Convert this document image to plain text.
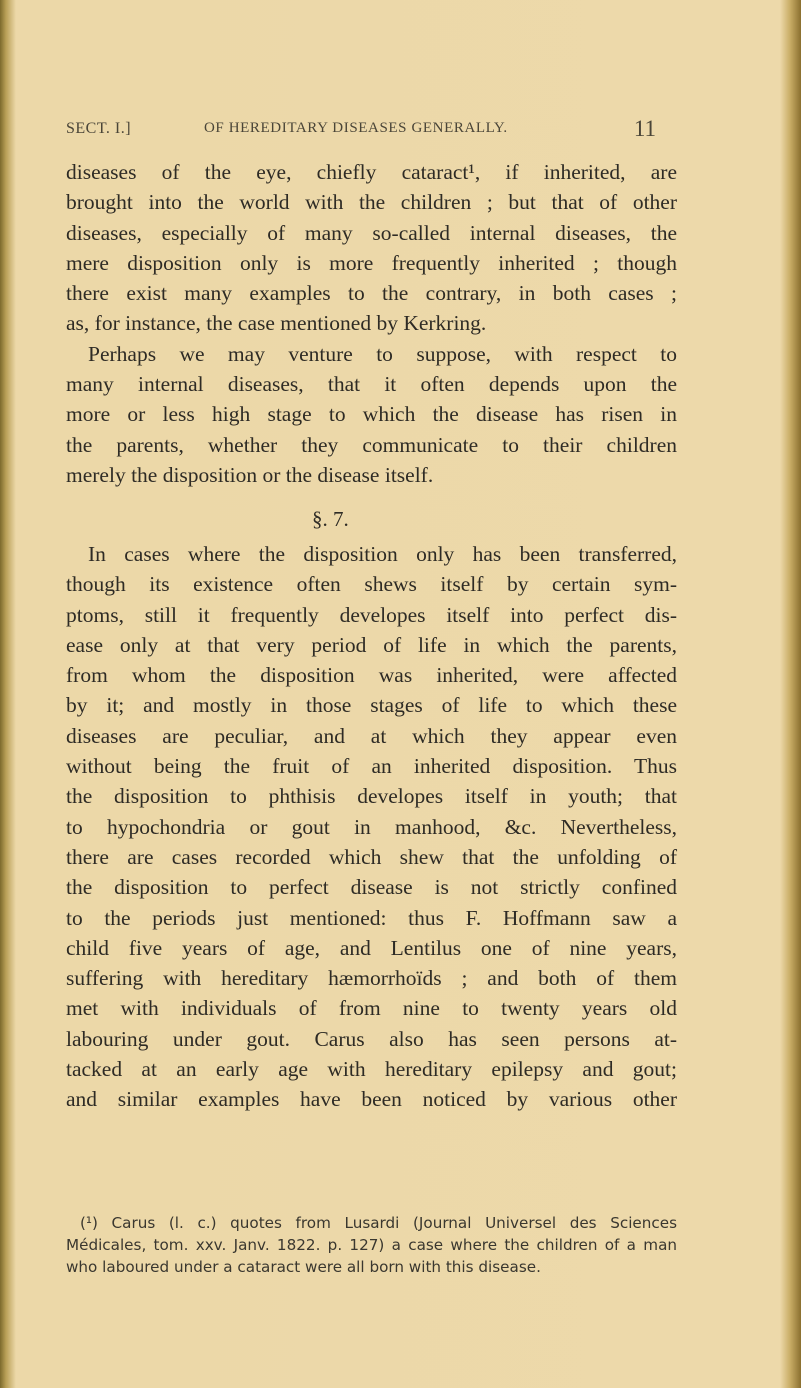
SECT. I.]	OF HEREDITARY DISEASES GENERALLY.	11
diseases of the eye, chiefly cataract¹, if inherited, are
brought into the world with the children ; but that of other
diseases, especially of many so-called internal diseases, the
mere disposition only is more frequently inherited ; though
there exist many examples to the contrary, in both cases ;
as, for instance, the case mentioned by Kerkring.
Perhaps we may venture to suppose, with respect to
many internal diseases, that it often depends upon the
more or less high stage to which the disease has risen in
the parents, whether they communicate to their children
merely the disposition or the disease itself.
§. 7.
In cases where the disposition only has been transferred,
though its existence often shews itself by certain sym-
ptoms, still it frequently developes itself into perfect dis-
ease only at that very period of life in which the parents,
from whom the disposition was inherited, were affected
by it; and mostly in those stages of life to which these
diseases are peculiar, and at which they appear even
without being the fruit of an inherited disposition. Thus
the disposition to phthisis developes itself in youth; that
to hypochondria or gout in manhood, &c. Nevertheless,
there are cases recorded which shew that the unfolding of
the disposition to perfect disease is not strictly confined
to the periods just mentioned: thus F. Hoffmann saw a
child five years of age, and Lentilus one of nine years,
suffering with hereditary hæmorrhoïds ; and both of them
met with individuals of from nine to twenty years old
labouring under gout. Carus also has seen persons at-
tacked at an early age with hereditary epilepsy and gout;
and similar examples have been noticed by various other
(¹) Carus (l. c.) quotes from Lusardi (Journal Universel des Sciences
Médicales, tom. xxv. Janv. 1822. p. 127) a case where the children of a man
who laboured under a cataract were all born with this disease.
